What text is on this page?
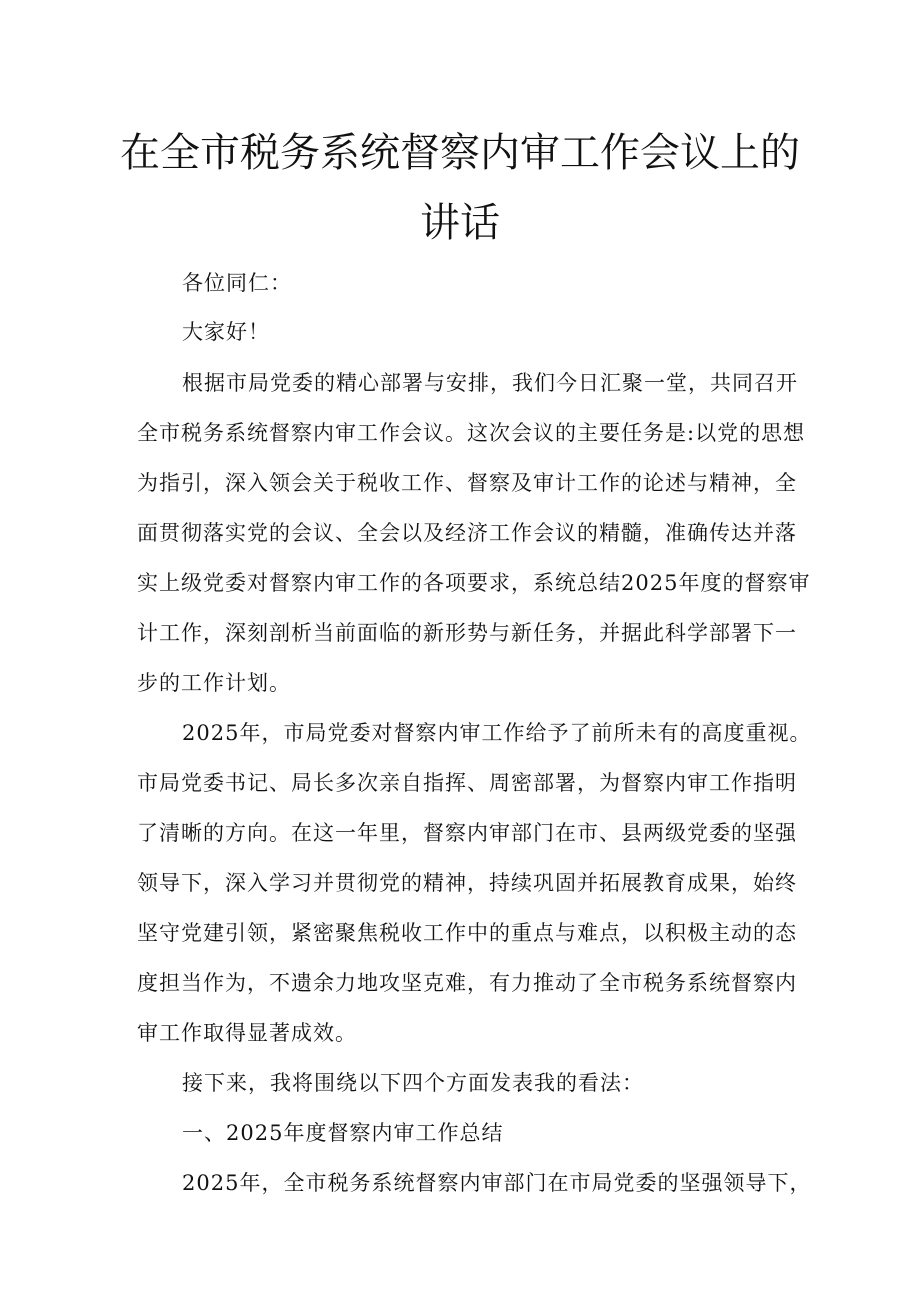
在全市税务系统督察内审工作会议上的
讲话
各位同仁：
大家好！
根据市局党委的精心部署与安排，我们今日汇聚一堂，共同召开
全市税务系统督察内审工作会议。这次会议的主要任务是:以党的思想
为指引，深入领会关于税收工作、督察及审计工作的论述与精神，全
面贯彻落实党的会议、全会以及经济工作会议的精髓，准确传达并落
实上级党委对督察内审工作的各项要求，系统总结2025年度的督察审
计工作，深刻剖析当前面临的新形势与新任务，并据此科学部署下一
步的工作计划。
2025年，市局党委对督察内审工作给予了前所未有的高度重视。
市局党委书记、局长多次亲自指挥、周密部署，为督察内审工作指明
了清晰的方向。在这一年里，督察内审部门在市、县两级党委的坚强
领导下，深入学习并贯彻党的精神，持续巩固并拓展教育成果，始终
坚守党建引领，紧密聚焦税收工作中的重点与难点，以积极主动的态
度担当作为，不遗余力地攻坚克难，有力推动了全市税务系统督察内
审工作取得显著成效。
接下来，我将围绕以下四个方面发表我的看法：
一、2025年度督察内审工作总结
2025年，全市税务系统督察内审部门在市局党委的坚强领导下，
